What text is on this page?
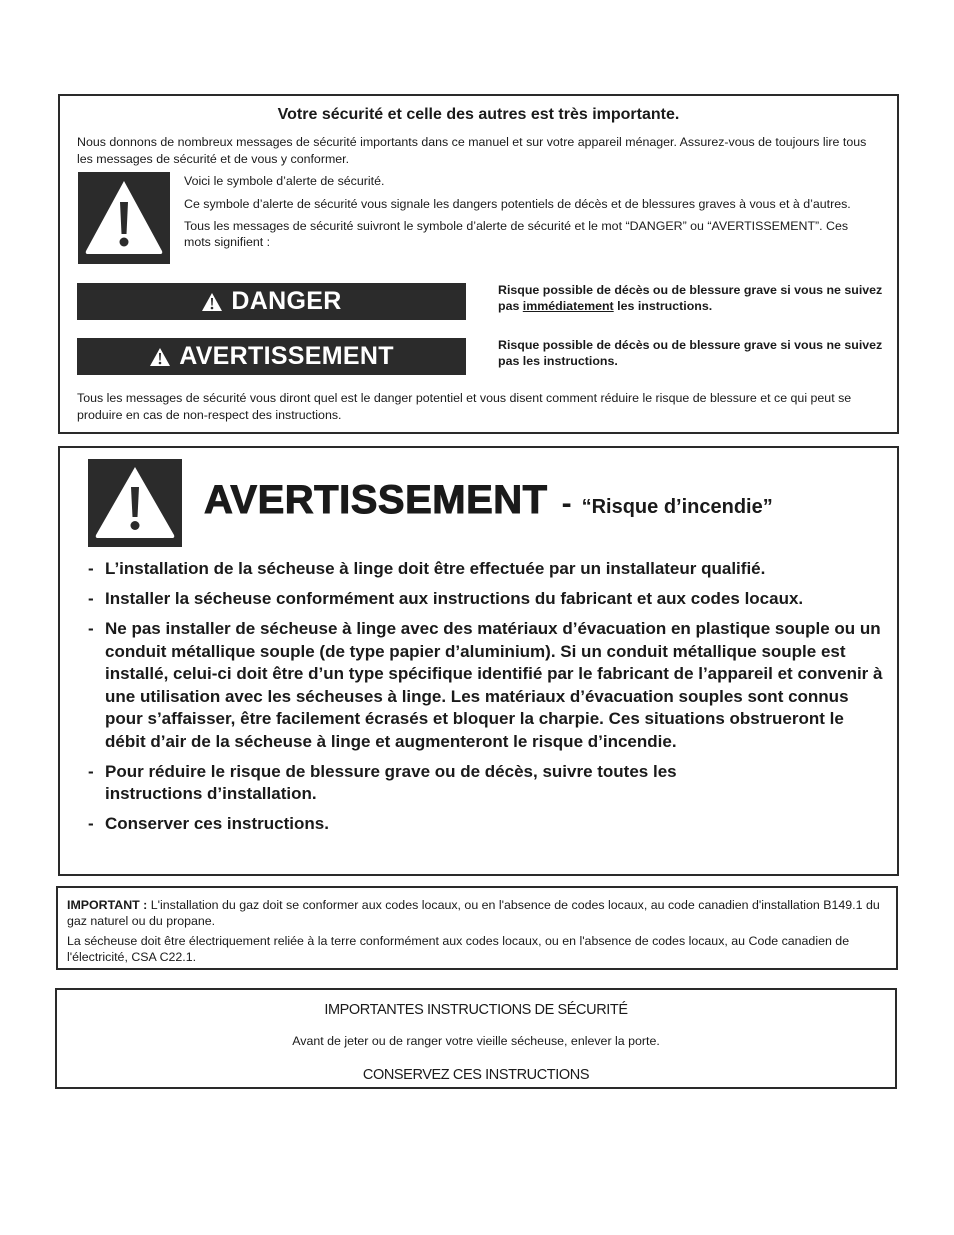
Votre sécurité et celle des autres est très importante.
Nous donnons de nombreux messages de sécurité importants dans ce manuel et sur votre appareil ménager. Assurez-vous de toujours lire tous les messages de sécurité et de vous y conformer.

Voici le symbole d’alerte de sécurité.

Ce symbole d’alerte de sécurité vous signale les dangers potentiels de décès et de blessures graves à vous et à d’autres.

Tous les messages de sécurité suivront le symbole d’alerte de sécurité et le mot “DANGER” ou “AVERTISSEMENT”. Ces mots signifient :

DANGER	Risque possible de décès ou de blessure grave si vous ne suivez pas immédiatement les instructions.
AVERTISSEMENT	Risque possible de décès ou de blessure grave si vous ne suivez pas les instructions.
Tous les messages de sécurité vous diront quel est le danger potentiel et vous disent comment réduire le risque de blessure et ce qui peut se produire en cas de non-respect des instructions.
AVERTISSEMENT - “Risque d’incendie”
- L’installation de la sécheuse à linge doit être effectuée par un installateur qualifié.
- Installer la sécheuse conformément aux instructions du fabricant et aux codes locaux.
- Ne pas installer de sécheuse à linge avec des matériaux d’évacuation en plastique souple ou un conduit métallique souple (de type papier d’aluminium). Si un conduit métallique souple est installé, celui-ci doit être d’un type spécifique identifié par le fabricant de l’appareil et convenir à une utilisation avec les sécheuses à linge. Les matériaux d’évacuation souples sont connus pour s’affaisser, être facilement écrasés et bloquer la charpie. Ces situations obstrueront le débit d’air de la sécheuse à linge et augmenteront le risque d’incendie.
- Pour réduire le risque de blessure grave ou de décès, suivre toutes les instructions d’installation.
- Conserver ces instructions.
IMPORTANT : L'installation du gaz doit se conformer aux codes locaux, ou en l'absence de codes locaux, au code canadien d'installation B149.1 du gaz naturel ou du propane.
La sécheuse doit être électriquement reliée à la terre conformément aux codes locaux, ou en l'absence de codes locaux, au Code canadien de l'électricité, CSA C22.1.
IMPORTANTES INSTRUCTIONS DE SÉCURITÉ
Avant de jeter ou de ranger votre vieille sécheuse, enlever la porte.
CONSERVEZ CES INSTRUCTIONS
